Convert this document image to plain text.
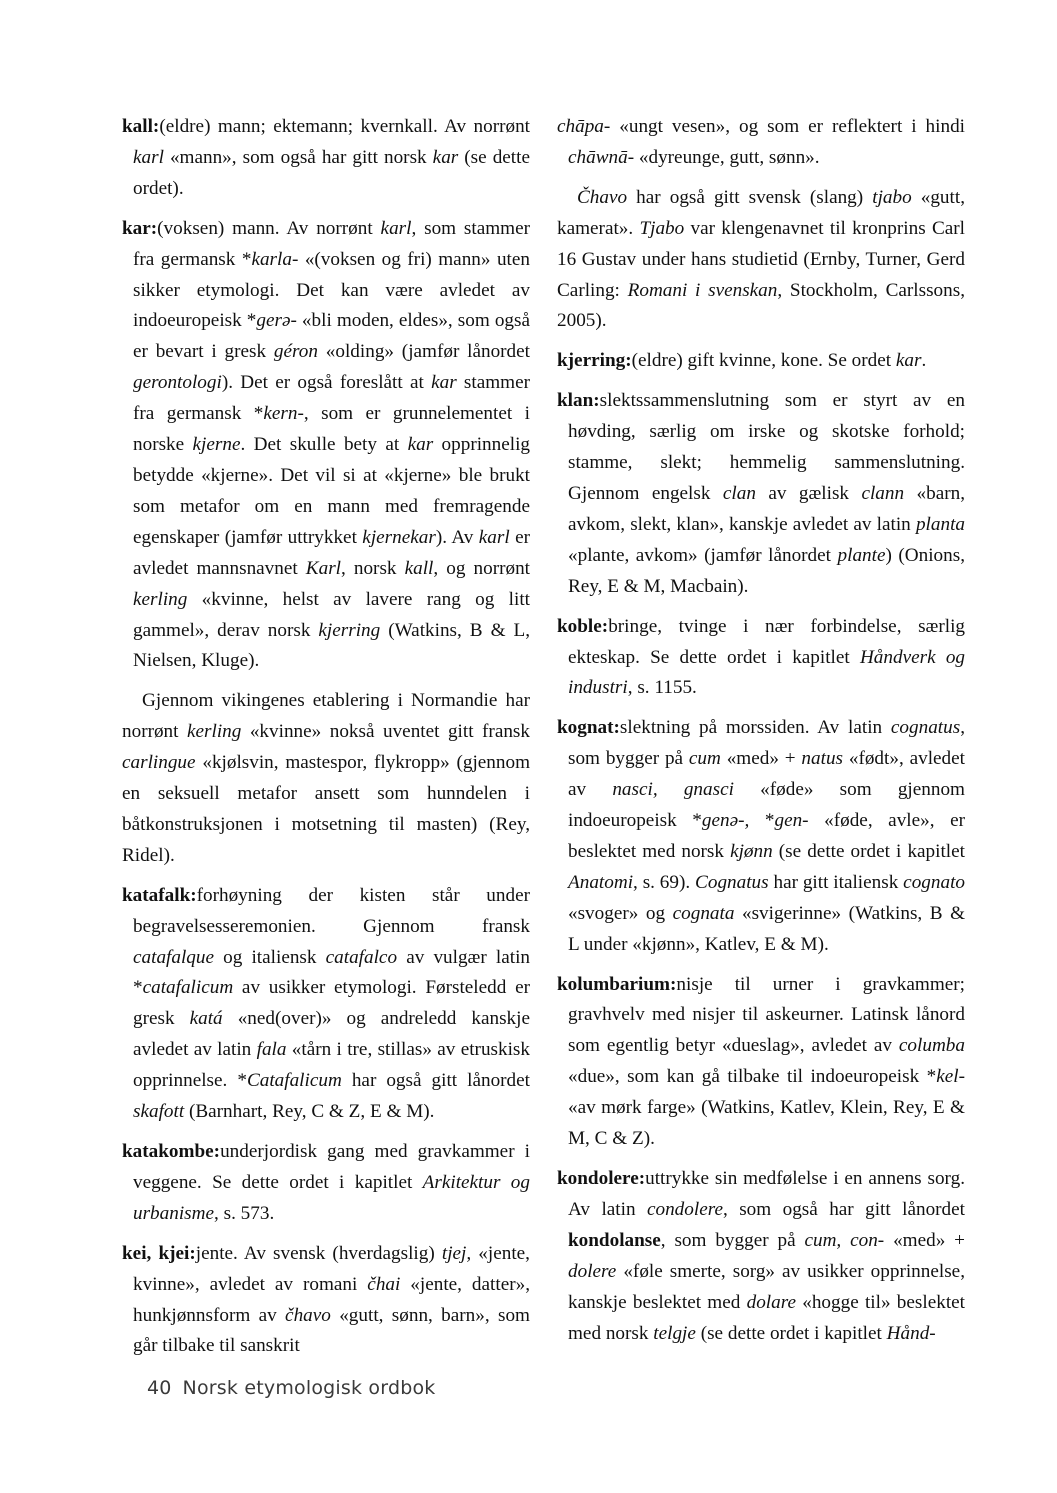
kall:(eldre) mann; ektemann; kvernkall. Av norrønt karl «mann», som også har gitt norsk kar (se dette ordet).

kar:(voksen) mann. Av norrønt karl, som stammer fra germansk *karla- «(voksen og fri) mann» uten sikker etymologi. Det kan være avledet av indoeuropeisk *gerə- «bli moden, eldes», som også er bevart i gresk géron «olding» (jamfør lånordet gerontologi). Det er også foreslått at kar stammer fra germansk *kern-, som er grunnelementet i norske kjerne. Det skulle bety at kar opprinnelig betydde «kjerne». Det vil si at «kjerne» ble brukt som metafor om en mann med fremragende egenskaper (jamfør uttrykket kjernekar). Av karl er avledet mannsnavnet Karl, norsk kall, og norrønt kerling «kvinne, helst av lavere rang og litt gammel», derav norsk kjerring (Watkins, B & L, Nielsen, Kluge).

Gjennom vikingenes etablering i Normandie har norrønt kerling «kvinne» nokså uventet gitt fransk carlingue «kjølsvin, mastespor, flykropp» (gjennom en seksuell metafor ansett som hunndelen i båtkonstruksjonen i motsetning til masten) (Rey, Ridel).

katafalk:forhøyning der kisten står under begravelsesseremonien. Gjennom fransk catafalque og italiensk catafalco av vulgær latin *catafalicum av usikker etymologi. Førsteledd er gresk katá «ned(over)» og andreledd kanskje avledet av latin fala «tårn i tre, stillas» av etruskisk opprinnelse. *Catafalicum har også gitt lånordet skafott (Barnhart, Rey, C & Z, E & M).

katakombe:underjordisk gang med gravkammer i veggene. Se dette ordet i kapitlet Arkitektur og urbanisme, s. 573.

kei, kjei:jente. Av svensk (hverdagslig) tjej, «jente, kvinne», avledet av romani čhai «jente, datter», hunkjønnsform av čhavo «gutt, sønn, barn», som går tilbake til sanskrit

chāpa- «ungt vesen», og som er reflektert i hindi chāwnā- «dyreunge, gutt, sønn».

Čhavo har også gitt svensk (slang) tjabo «gutt, kamerat». Tjabo var klengenavnet til kronprins Carl 16 Gustav under hans studietid (Ernby, Turner, Gerd Carling: Romani i svenskan, Stockholm, Carlssons, 2005).

kjerring:(eldre) gift kvinne, kone. Se ordet kar.

klan:slektssammenslutning som er styrt av en høvding, særlig om irske og skotske forhold; stamme, slekt; hemmelig sammenslutning. Gjennom engelsk clan av gælisk clann «barn, avkom, slekt, klan», kanskje avledet av latin planta «plante, avkom» (jamfør lånordet plante) (Onions, Rey, E & M, Macbain).

koble:bringe, tvinge i nær forbindelse, særlig ekteskap. Se dette ordet i kapitlet Håndverk og industri, s. 1155.

kognat:slektning på morssiden. Av latin cognatus, som bygger på cum «med» + natus «født», avledet av nasci, gnasci «føde» som gjennom indoeuropeisk *genə-, *gen- «føde, avle», er beslektet med norsk kjønn (se dette ordet i kapitlet Anatomi, s. 69). Cognatus har gitt italiensk cognato «svoger» og cognata «svigerinne» (Watkins, B & L under «kjønn», Katlev, E & M).

kolumbarium:nisje til urner i gravkammer; gravhvelv med nisjer til askeurner. Latinsk lånord som egentlig betyr «dueslag», avledet av columba «due», som kan gå tilbake til indoeuropeisk *kel- «av mørk farge» (Watkins, Katlev, Klein, Rey, E & M, C & Z).

kondolere:uttrykke sin medfølelse i en annens sorg. Av latin condolere, som også har gitt lånordet kondolanse, som bygger på cum, con- «med» + dolere «føle smerte, sorg» av usikker opprinnelse, kanskje beslektet med dolare «hogge til» beslektet med norsk telgje (se dette ordet i kapitlet Hånd-

40 Norsk etymologisk ordbok
